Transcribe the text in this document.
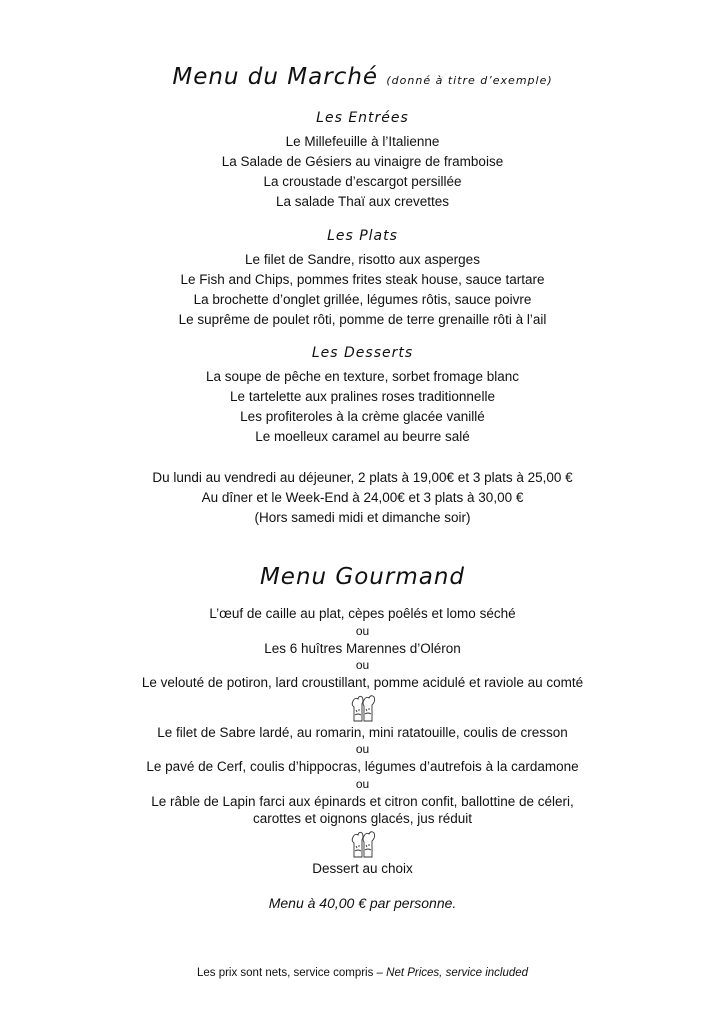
Menu du Marché (donné à titre d’exemple)

Les Entrées

Le Millefeuille à l’Italienne

La Salade de Gésiers au vinaigre de framboise

La croustade d’escargot persillée

La salade Thaï aux crevettes

Les Plats

Le filet de Sandre, risotto aux asperges

Le Fish and Chips, pommes frites steak house, sauce tartare

La brochette d’onglet grillée, légumes rôtis, sauce poivre

Le suprême de poulet rôti, pomme de terre grenaille rôti à l’ail

Les Desserts

La soupe de pêche en texture, sorbet fromage blanc

Le tartelette aux pralines roses traditionnelle

Les profiteroles à la crème glacée vanillé

Le moelleux caramel au beurre salé

Du lundi au vendredi au déjeuner, 2 plats à 19,00€ et 3 plats à 25,00 €

Au dîner et le Week-End à 24,00€ et 3 plats à 30,00 €

(Hors samedi midi et dimanche soir)

Menu Gourmand

L’œuf de caille au plat, cèpes poêlés et lomo séché

ou

Les 6 huîtres Marennes d’Oléron

ou

Le velouté de potiron, lard croustillant, pomme acidulé et raviole au comté

Le filet de Sabre lardé, au romarin, mini ratatouille, coulis de cresson

ou

Le pavé de Cerf, coulis d’hippocras, légumes d’autrefois à la cardamone

ou

Le râble de Lapin farci aux épinards et citron confit, ballottine de céleri,

carottes et oignons glacés, jus réduit

Dessert au choix

Menu à 40,00 € par personne.
Les prix sont nets, service compris – Net Prices, service included
